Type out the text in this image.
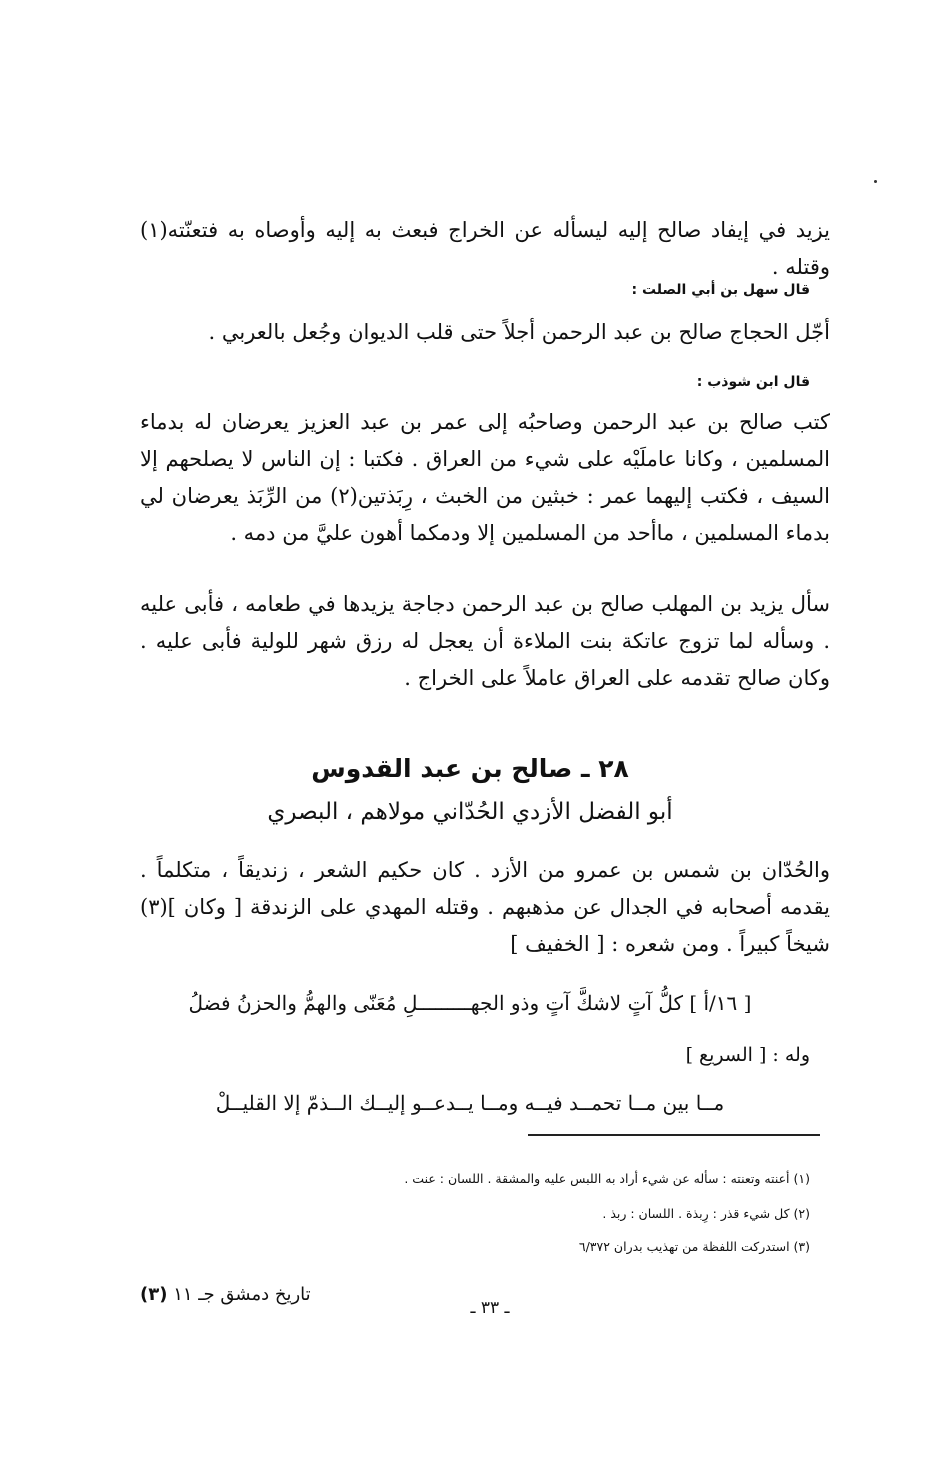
يزيد في إيفاد صالح إليه ليسأله عن الخراج فبعث به إليه وأوصاه به فتعنّته(١) وقتله .

قال سهل بن أبي الصلت :

أجّل الحجاج صالح بن عبد الرحمن أجلاً حتى قلب الديوان وجُعل بالعربي .

قال ابن شوذب :

كتب صالح بن عبد الرحمن وصاحبُه إلى عمر بن عبد العزيز يعرضان له بدماء المسلمين ، وكانا عاملَيْه على شيء من العراق . فكتبا : إن الناس لا يصلحهم إلا السيف ، فكتب إليهما عمر : خبثين من الخبث ، رِبَذتين(٢) من الرِّبَذ يعرضان لي بدماء المسلمين ، ماأحد من المسلمين إلا ودمكما أهون عليَّ من دمه .

سأل يزيد بن المهلب صالح بن عبد الرحمن دجاجة يزيدها في طعامه ، فأبى عليه . وسأله لما تزوج عاتكة بنت الملاءة أن يعجل له رزق شهر للولية فأبى عليه . وكان صالح تقدمه على العراق عاملاً على الخراج .

٢٨ ـ صالح بن عبد القدوس
أبو الفضل الأزدي الحُدّاني مولاهم ، البصري

والحُدّان بن شمس بن عمرو من الأزد . كان حكيم الشعر ، زنديقاً ، متكلماً . يقدمه أصحابه في الجدال عن مذهبهم . وقتله المهدي على الزندقة [ وكان ](٣) شيخاً كبيراً . ومن شعره : [ الخفيف ]

[ ١٦/أ ] كلُّ آتٍ لاشكَّ آتٍ وذو الجهـــــــــلِ مُعَنّى والهمُّ والحزنُ فضلُ
وله : [ السريع ]
مــا بين مــا تحمــد فيــه ومــا يــدعــو إليــك الــذمّ إلا القليــلْ
(١) أعنته وتعنته : سأله عن شيء أراد به اللبس عليه والمشقة . اللسان : عنت .
(٢) كل شيء قذر : رِبذة . اللسان : ربذ .
(٣) استدركت اللفظة من تهذيب بدران ٦/٣٧٢
تاريخ دمشق جـ ١١ (٣)
ـ ٣٣ ـ
